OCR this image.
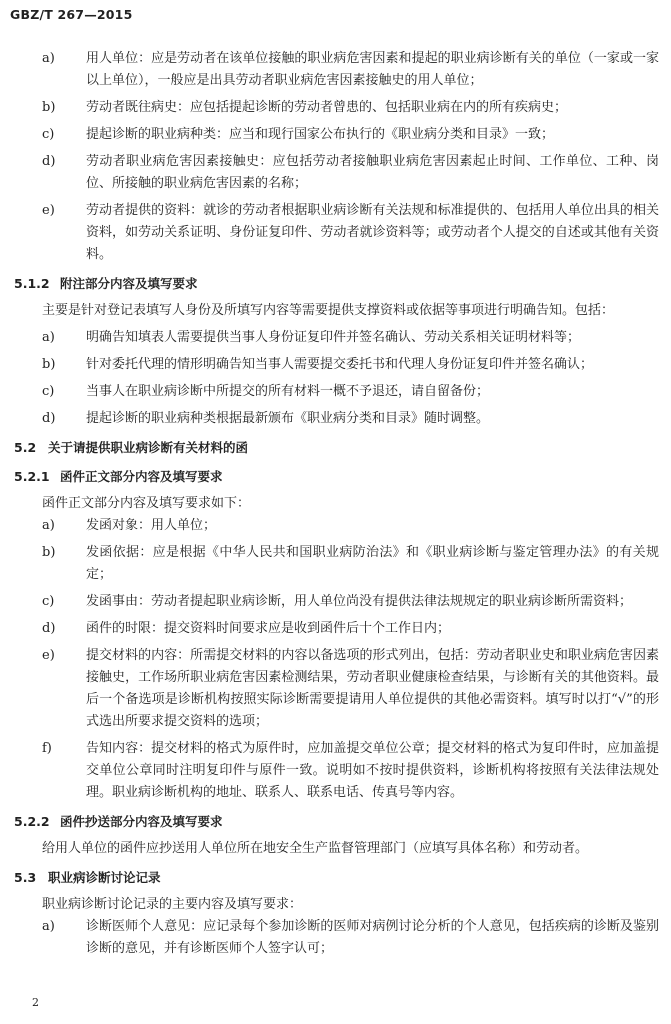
GBZ/T 267—2015
a)	用人单位：应是劳动者在该单位接触的职业病危害因素和提起的职业病诊断有关的单位（一家或一家以上单位），一般应是出具劳动者职业病危害因素接触史的用人单位；
b)	劳动者既往病史：应包括提起诊断的劳动者曾患的、包括职业病在内的所有疾病史；
c)	提起诊断的职业病种类：应当和现行国家公布执行的《职业病分类和目录》一致；
d)	劳动者职业病危害因素接触史：应包括劳动者接触职业病危害因素起止时间、工作单位、工种、岗位、所接触的职业病危害因素的名称；
e)	劳动者提供的资料：就诊的劳动者根据职业病诊断有关法规和标准提供的、包括用人单位出具的相关资料，如劳动关系证明、身份证复印件、劳动者就诊资料等；或劳动者个人提交的自述或其他有关资料。
5.1.2 附注部分内容及填写要求
主要是针对登记表填写人身份及所填写内容等需要提供支撑资料或依据等事项进行明确告知。包括：
a)	明确告知填表人需要提供当事人身份证复印件并签名确认、劳动关系相关证明材料等；
b)	针对委托代理的情形明确告知当事人需要提交委托书和代理人身份证复印件并签名确认；
c)	当事人在职业病诊断中所提交的所有材料一概不予退还，请自留备份；
d)	提起诊断的职业病种类根据最新颁布《职业病分类和目录》随时调整。
5.2 关于请提供职业病诊断有关材料的函
5.2.1 函件正文部分内容及填写要求
函件正文部分内容及填写要求如下：
a)	发函对象：用人单位；
b)	发函依据：应是根据《中华人民共和国职业病防治法》和《职业病诊断与鉴定管理办法》的有关规定；
c)	发函事由：劳动者提起职业病诊断，用人单位尚没有提供法律法规规定的职业病诊断所需资料；
d)	函件的时限：提交资料时间要求应是收到函件后十个工作日内；
e)	提交材料的内容：所需提交材料的内容以备选项的形式列出，包括：劳动者职业史和职业病危害因素接触史，工作场所职业病危害因素检测结果，劳动者职业健康检查结果，与诊断有关的其他资料。最后一个备选项是诊断机构按照实际诊断需要提请用人单位提供的其他必需资料。填写时以打“√”的形式选出所要求提交资料的选项；
f)	告知内容：提交材料的格式为原件时，应加盖提交单位公章；提交材料的格式为复印件时，应加盖提交单位公章同时注明复印件与原件一致。说明如不按时提供资料，诊断机构将按照有关法律法规处理。职业病诊断机构的地址、联系人、联系电话、传真号等内容。
5.2.2 函件抄送部分内容及填写要求
给用人单位的函件应抄送用人单位所在地安全生产监督管理部门（应填写具体名称）和劳动者。
5.3 职业病诊断讨论记录
职业病诊断讨论记录的主要内容及填写要求：
a)	诊断医师个人意见：应记录每个参加诊断的医师对病例讨论分析的个人意见，包括疾病的诊断及鉴别诊断的意见，并有诊断医师个人签字认可；
2
